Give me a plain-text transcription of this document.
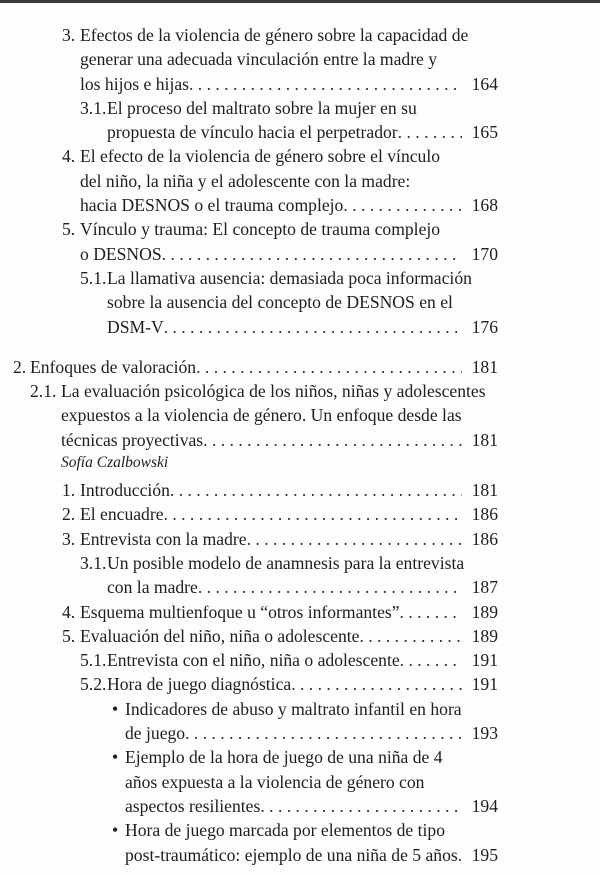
3. Efectos de la violencia de género sobre la capacidad de
generar una adecuada vinculación entre la madre y
los hijos e hijas . . .	164
3.1. El proceso del maltrato sobre la mujer en su
propuesta de vínculo hacia el perpetrador . . .	165
4. El efecto de la violencia de género sobre el vínculo
del niño, la niña y el adolescente con la madre:
hacia DESNOS o el trauma complejo . . .	168
5. Vínculo y trauma: El concepto de trauma complejo
o DESNOS . . .	170
5.1. La llamativa ausencia: demasiada poca información
sobre la ausencia del concepto de DESNOS en el
DSM-V . . .	176
2. Enfoques de valoración . . .	181
2.1. La evaluación psicológica de los niños, niñas y adolescentes
expuestos a la violencia de género. Un enfoque desde las
técnicas proyectivas . . .	181
Sofía Czalbowski
1. Introducción . . .	181
2. El encuadre . . .	186
3. Entrevista con la madre . . .	186
3.1. Un posible modelo de anamnesis para la entrevista
con la madre . . .	187
4. Esquema multienfoque u “otros informantes” . . .	189
5. Evaluación del niño, niña o adolescente . . .	189
5.1. Entrevista con el niño, niña o adolescente . . .	191
5.2. Hora de juego diagnóstica . . .	191
• Indicadores de abuso y maltrato infantil en hora
de juego . . .	193
• Ejemplo de la hora de juego de una niña de 4
años expuesta a la violencia de género con
aspectos resilientes . . .	194
• Hora de juego marcada por elementos de tipo
post-traumático: ejemplo de una niña de 5 años . . . 195
